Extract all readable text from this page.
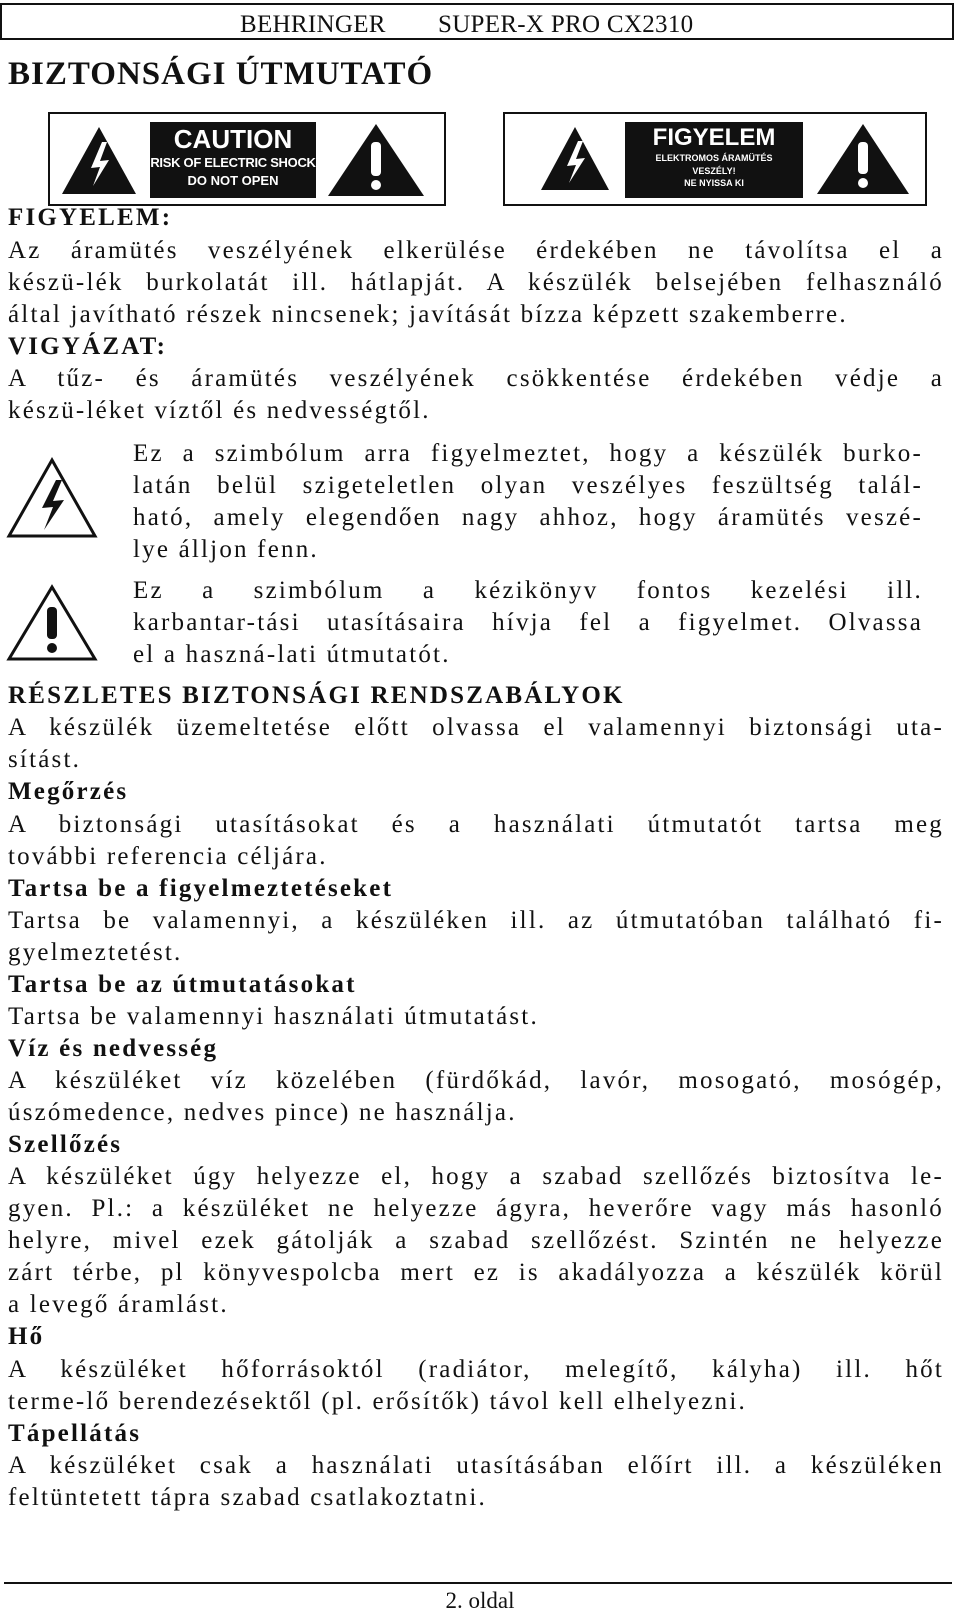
BEHRINGER SUPER-X PRO CX2310
BIZTONSÁGI ÚTMUTATÓ
CAUTION
RISK OF ELECTRIC SHOCK
DO NOT OPEN
FIGYELEM
ELEKTROMOS ÁRAMÜTÉS
VESZÉLY!
NE NYISSA KI
FIGYELEM:
Az áramütés veszélyének elkerülése érdekében ne távolítsa el a
készü-lék burkolatát ill. hátlapját. A készülék belsejében felhasználó
által javítható részek nincsenek; javítását bízza képzett szakemberre.
VIGYÁZAT:
A tűz- és áramütés veszélyének csökkentése érdekében védje a
készü-léket víztől és nedvességtől.
Ez a szimbólum arra figyelmeztet, hogy a készülék burko-
latán belül szigeteletlen olyan veszélyes feszültség talál-
ható, amely elegendően nagy ahhoz, hogy áramütés veszé-
lye álljon fenn.
Ez a szimbólum a kézikönyv fontos kezelési ill.
karbantar-tási utasításaira hívja fel a figyelmet. Olvassa
el a haszná-lati útmutatót.
RÉSZLETES BIZTONSÁGI RENDSZABÁLYOK
A készülék üzemeltetése előtt olvassa el valamennyi biztonsági uta-
sítást.
Megőrzés
A biztonsági utasításokat és a használati útmutatót tartsa meg
további referencia céljára.
Tartsa be a figyelmeztetéseket
Tartsa be valamennyi, a készüléken ill. az útmutatóban található fi-
gyelmeztetést.
Tartsa be az útmutatásokat
Tartsa be valamennyi használati útmutatást.
Víz és nedvesség
A készüléket víz közelében (fürdőkád, lavór, mosogató, mosógép,
úszómedence, nedves pince) ne használja.
Szellőzés
A készüléket úgy helyezze el, hogy a szabad szellőzés biztosítva le-
gyen. Pl.: a készüléket ne helyezze ágyra, heverőre vagy más hasonló
helyre, mivel ezek gátolják a szabad szellőzést. Szintén ne helyezze
zárt térbe, pl könyvespolcba mert ez is akadályozza a készülék körül
a levegő áramlást.
Hő
A készüléket hőforrásoktól (radiátor, melegítő, kályha) ill. hőt
terme-lő berendezésektől (pl. erősítők) távol kell elhelyezni.
Tápellátás
A készüléket csak a használati utasításában előírt ill. a készüléken
feltüntetett tápra szabad csatlakoztatni.
2. oldal
